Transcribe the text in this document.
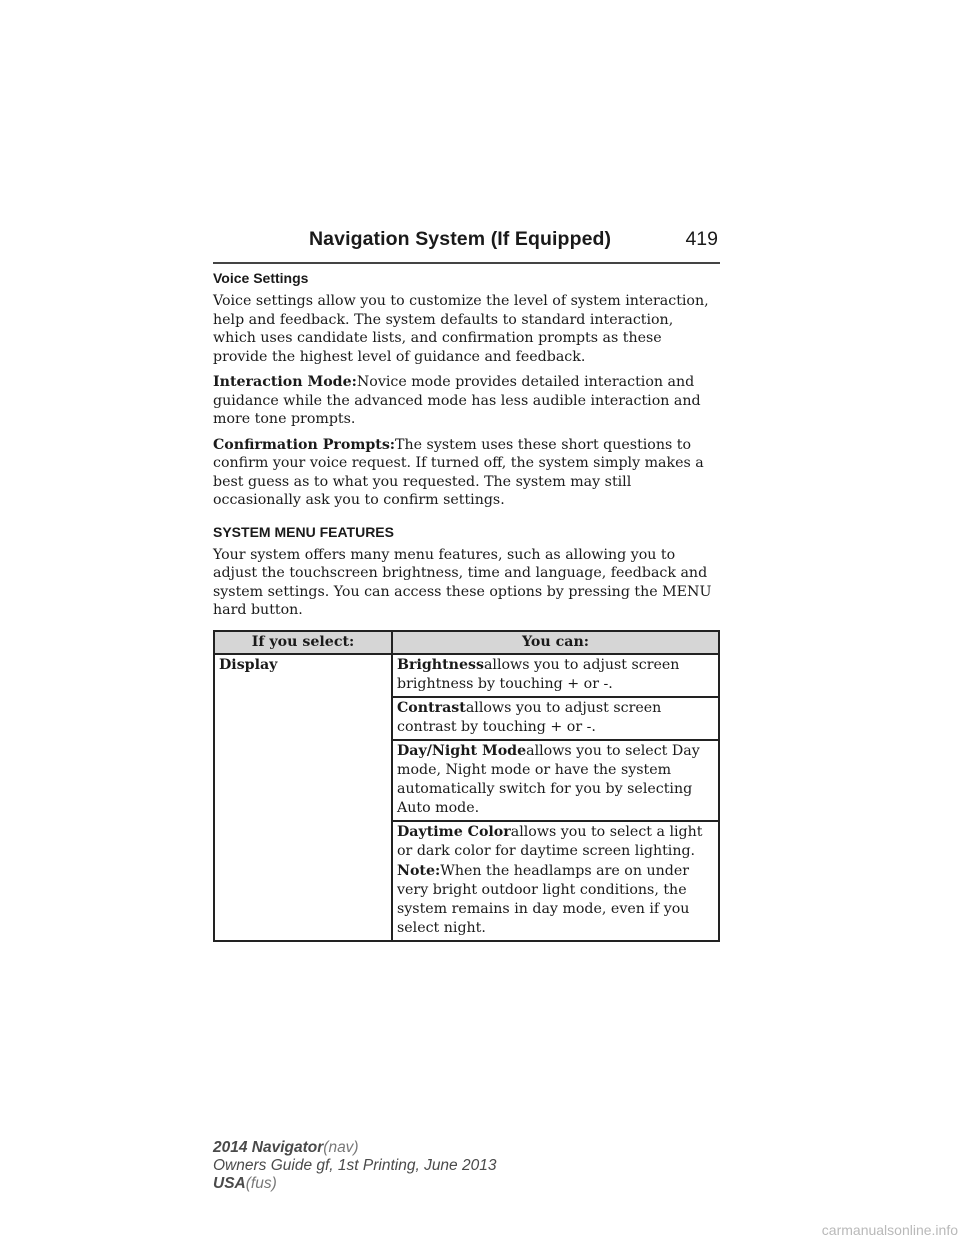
Navigation System (If Equipped)	419
Voice Settings

Voice settings allow you to customize the level of system interaction, help and feedback. The system defaults to standard interaction, which uses candidate lists, and confirmation prompts as these provide the highest level of guidance and feedback.

Interaction Mode:Novice mode provides detailed interaction and guidance while the advanced mode has less audible interaction and more tone prompts.

Confirmation Prompts:The system uses these short questions to confirm your voice request. If turned off, the system simply makes a best guess as to what you requested. The system may still occasionally ask you to confirm settings.

SYSTEM MENU FEATURES

Your system offers many menu features, such as allowing you to adjust the touchscreen brightness, time and language, feedback and system settings. You can access these options by pressing the MENU hard button.

If you select:	You can:
Display	Brightnessallows you to adjust screen brightness by touching + or -.
	Contrastallows you to adjust screen contrast by touching + or -.
	Day/Night Modeallows you to select Day mode, Night mode or have the system automatically switch for you by selecting Auto mode.
	Daytime Colorallows you to select a light or dark color for daytime screen lighting.
Note:When the headlamps are on under very bright outdoor light conditions, the system remains in day mode, even if you select night.
2014 Navigator(nav)
Owners Guide gf, 1st Printing, June 2013
USA(fus)
carmanualsonline.info
